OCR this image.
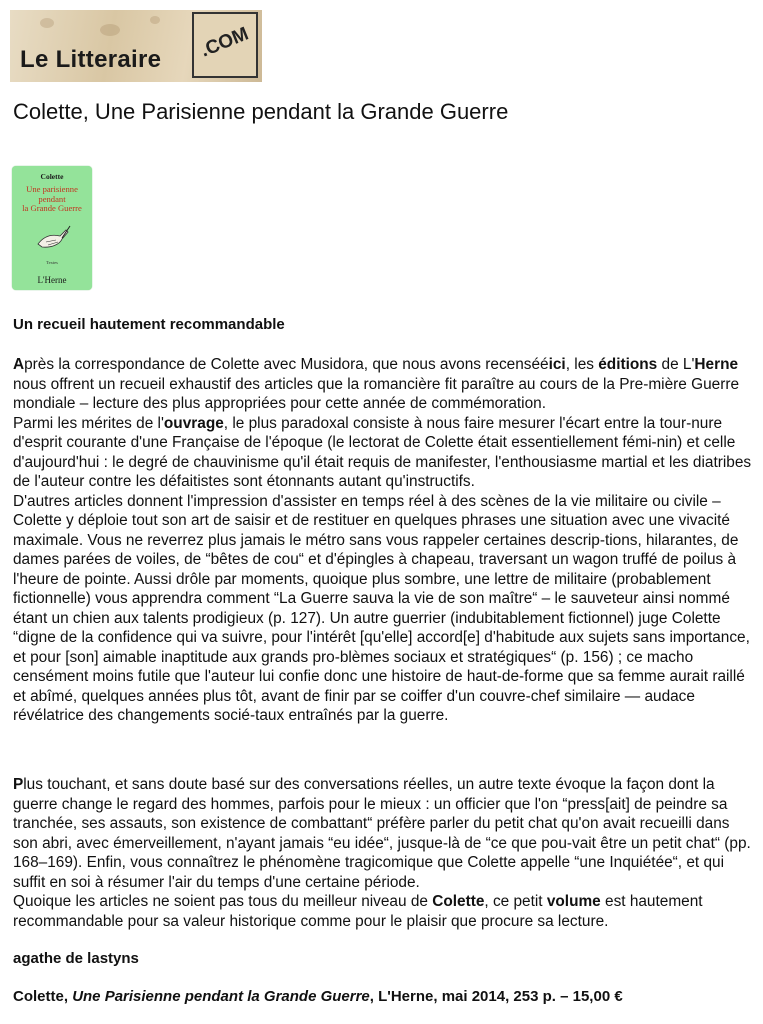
Le Litteraire .COM
Colette, Une Parisienne pendant la Grande Guerre
Colette
Une parisienne
pendant
la Grande Guerre
Textes
L'Herne
Un recueil hautement recommandable

Après la correspondance de Colette avec Musidora, que nous avons recensééici, les éditions de L'Herne nous offrent un recueil exhaustif des articles que la romancière fit paraître au cours de la Pre-mière Guerre mondiale – lecture des plus appropriées pour cette année de commémoration.
Parmi les mérites de l'ouvrage, le plus paradoxal consiste à nous faire mesurer l'écart entre la tour-nure d'esprit courante d'une Française de l'époque (le lectorat de Colette était essentiellement fémi-nin) et celle d'aujourd'hui : le degré de chauvinisme qu'il était requis de manifester, l'enthousiasme martial et les diatribes de l'auteur contre les défaitistes sont étonnants autant qu'instructifs.
D'autres articles donnent l'impression d'assister en temps réel à des scènes de la vie militaire ou civile – Colette y déploie tout son art de saisir et de restituer en quelques phrases une situation avec une vivacité maximale. Vous ne reverrez plus jamais le métro sans vous rappeler certaines descrip-tions, hilarantes, de dames parées de voiles, de “bêtes de cou“ et d'épingles à chapeau, traversant un wagon truffé de poilus à l'heure de pointe. Aussi drôle par moments, quoique plus sombre, une lettre de militaire (probablement fictionnelle) vous apprendra comment “La Guerre sauva la vie de son maître“ – le sauveteur ainsi nommé étant un chien aux talents prodigieux (p. 127). Un autre guerrier (indubitablement fictionnel) juge Colette “digne de la confidence qui va suivre, pour l'intérêt [qu'elle] accord[e] d'habitude aux sujets sans importance, et pour [son] aimable inaptitude aux grands pro-blèmes sociaux et stratégiques“ (p. 156) ; ce macho censément moins futile que l'auteur lui confie donc une histoire de haut-de-forme que sa femme aurait raillé et abîmé, quelques années plus tôt, avant de finir par se coiffer d'un couvre-chef similaire — audace révélatrice des changements socié-taux entraînés par la guerre.

Plus touchant, et sans doute basé sur des conversations réelles, un autre texte évoque la façon dont la guerre change le regard des hommes, parfois pour le mieux : un officier que l'on “press[ait] de peindre sa tranchée, ses assauts, son existence de combattant“ préfère parler du petit chat qu'on avait recueilli dans son abri, avec émerveillement, n'ayant jamais “eu idée“, jusque-là de “ce que pou-vait être un petit chat“ (pp. 168–169). Enfin, vous connaîtrez le phénomène tragicomique que Colette appelle “une Inquiétée“, et qui suffit en soi à résumer l'air du temps d'une certaine période.
Quoique les articles ne soient pas tous du meilleur niveau de Colette, ce petit volume est hautement recommandable pour sa valeur historique comme pour le plaisir que procure sa lecture.

agathe de lastyns

Colette, Une Parisienne pendant la Grande Guerre, L'Herne, mai 2014, 253 p. – 15,00 €
